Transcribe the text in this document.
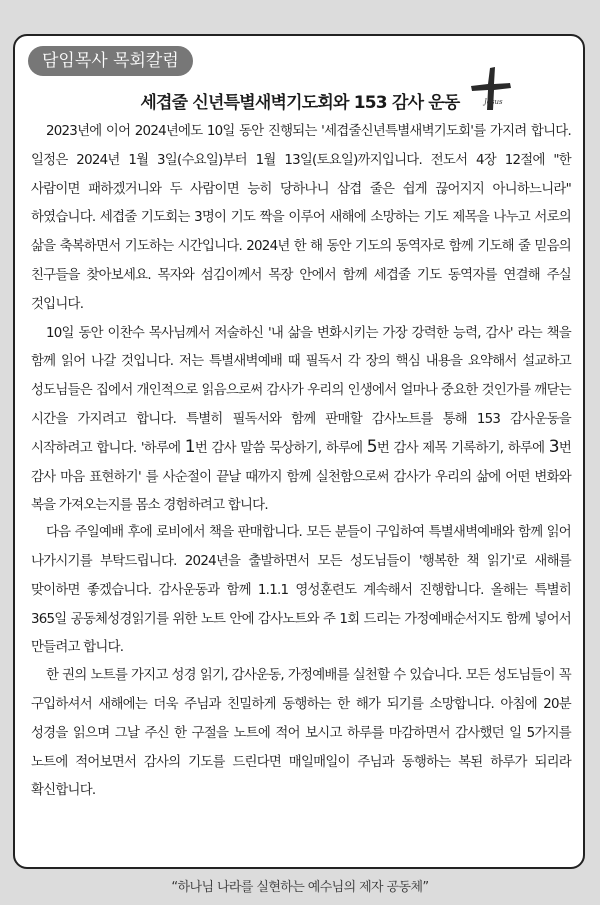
담임목사 목회칼럼
세겹줄 신년특별새벽기도회와 153 감사 운동	Jesus

2023년에 이어 2024년에도 10일 동안 진행되는 '세겹줄신년특별새벽기도회'를 가지려 합니다. 일정은 2024년 1월 3일(수요일)부터 1월 13일(토요일)까지입니다. 전도서 4장 12절에 "한 사람이면 패하겠거니와 두 사람이면 능히 당하나니 삼겹 줄은 쉽게 끊어지지 아니하느니라" 하였습니다. 세겹줄 기도회는 3명이 기도 짝을 이루어 새해에 소망하는 기도 제목을 나누고 서로의 삶을 축복하면서 기도하는 시간입니다. 2024년 한 해 동안 기도의 동역자로 함께 기도해 줄 믿음의 친구들을 찾아보세요. 목자와 섬김이께서 목장 안에서 함께 세겹줄 기도 동역자를 연결해 주실 것입니다.

10일 동안 이찬수 목사님께서 저술하신 '내 삶을 변화시키는 가장 강력한 능력, 감사' 라는 책을 함께 읽어 나갈 것입니다. 저는 특별새벽예배 때 필독서 각 장의 핵심 내용을 요약해서 설교하고 성도님들은 집에서 개인적으로 읽음으로써 감사가 우리의 인생에서 얼마나 중요한 것인가를 깨닫는 시간을 가지려고 합니다. 특별히 필독서와 함께 판매할 감사노트를 통해 153 감사운동을 시작하려고 합니다. '하루에 1번 감사 말씀 묵상하기, 하루에 5번 감사 제목 기록하기, 하루에 3번 감사 마음 표현하기' 를 사순절이 끝날 때까지 함께 실천함으로써 감사가 우리의 삶에 어떤 변화와 복을 가져오는지를 몸소 경험하려고 합니다.

다음 주일예배 후에 로비에서 책을 판매합니다. 모든 분들이 구입하여 특별새벽예배와 함께 읽어 나가시기를 부탁드립니다. 2024년을 출발하면서 모든 성도님들이 '행복한 책 읽기'로 새해를 맞이하면 좋겠습니다. 감사운동과 함께 1.1.1 영성훈련도 계속해서 진행합니다. 올해는 특별히 365일 공동체성경읽기를 위한 노트 안에 감사노트와 주 1회 드리는 가정예배순서지도 함께 넣어서 만들려고 합니다.

한 권의 노트를 가지고 성경 읽기, 감사운동, 가정예배를 실천할 수 있습니다. 모든 성도님들이 꼭 구입하셔서 새해에는 더욱 주님과 친밀하게 동행하는 한 해가 되기를 소망합니다. 아침에 20분 성경을 읽으며 그날 주신 한 구절을 노트에 적어 보시고 하루를 마감하면서 감사했던 일 5가지를 노트에 적어보면서 감사의 기도를 드린다면 매일매일이 주님과 동행하는 복된 하루가 되리라 확신합니다.

“하나님 나라를 실현하는 예수님의 제자 공동체”
